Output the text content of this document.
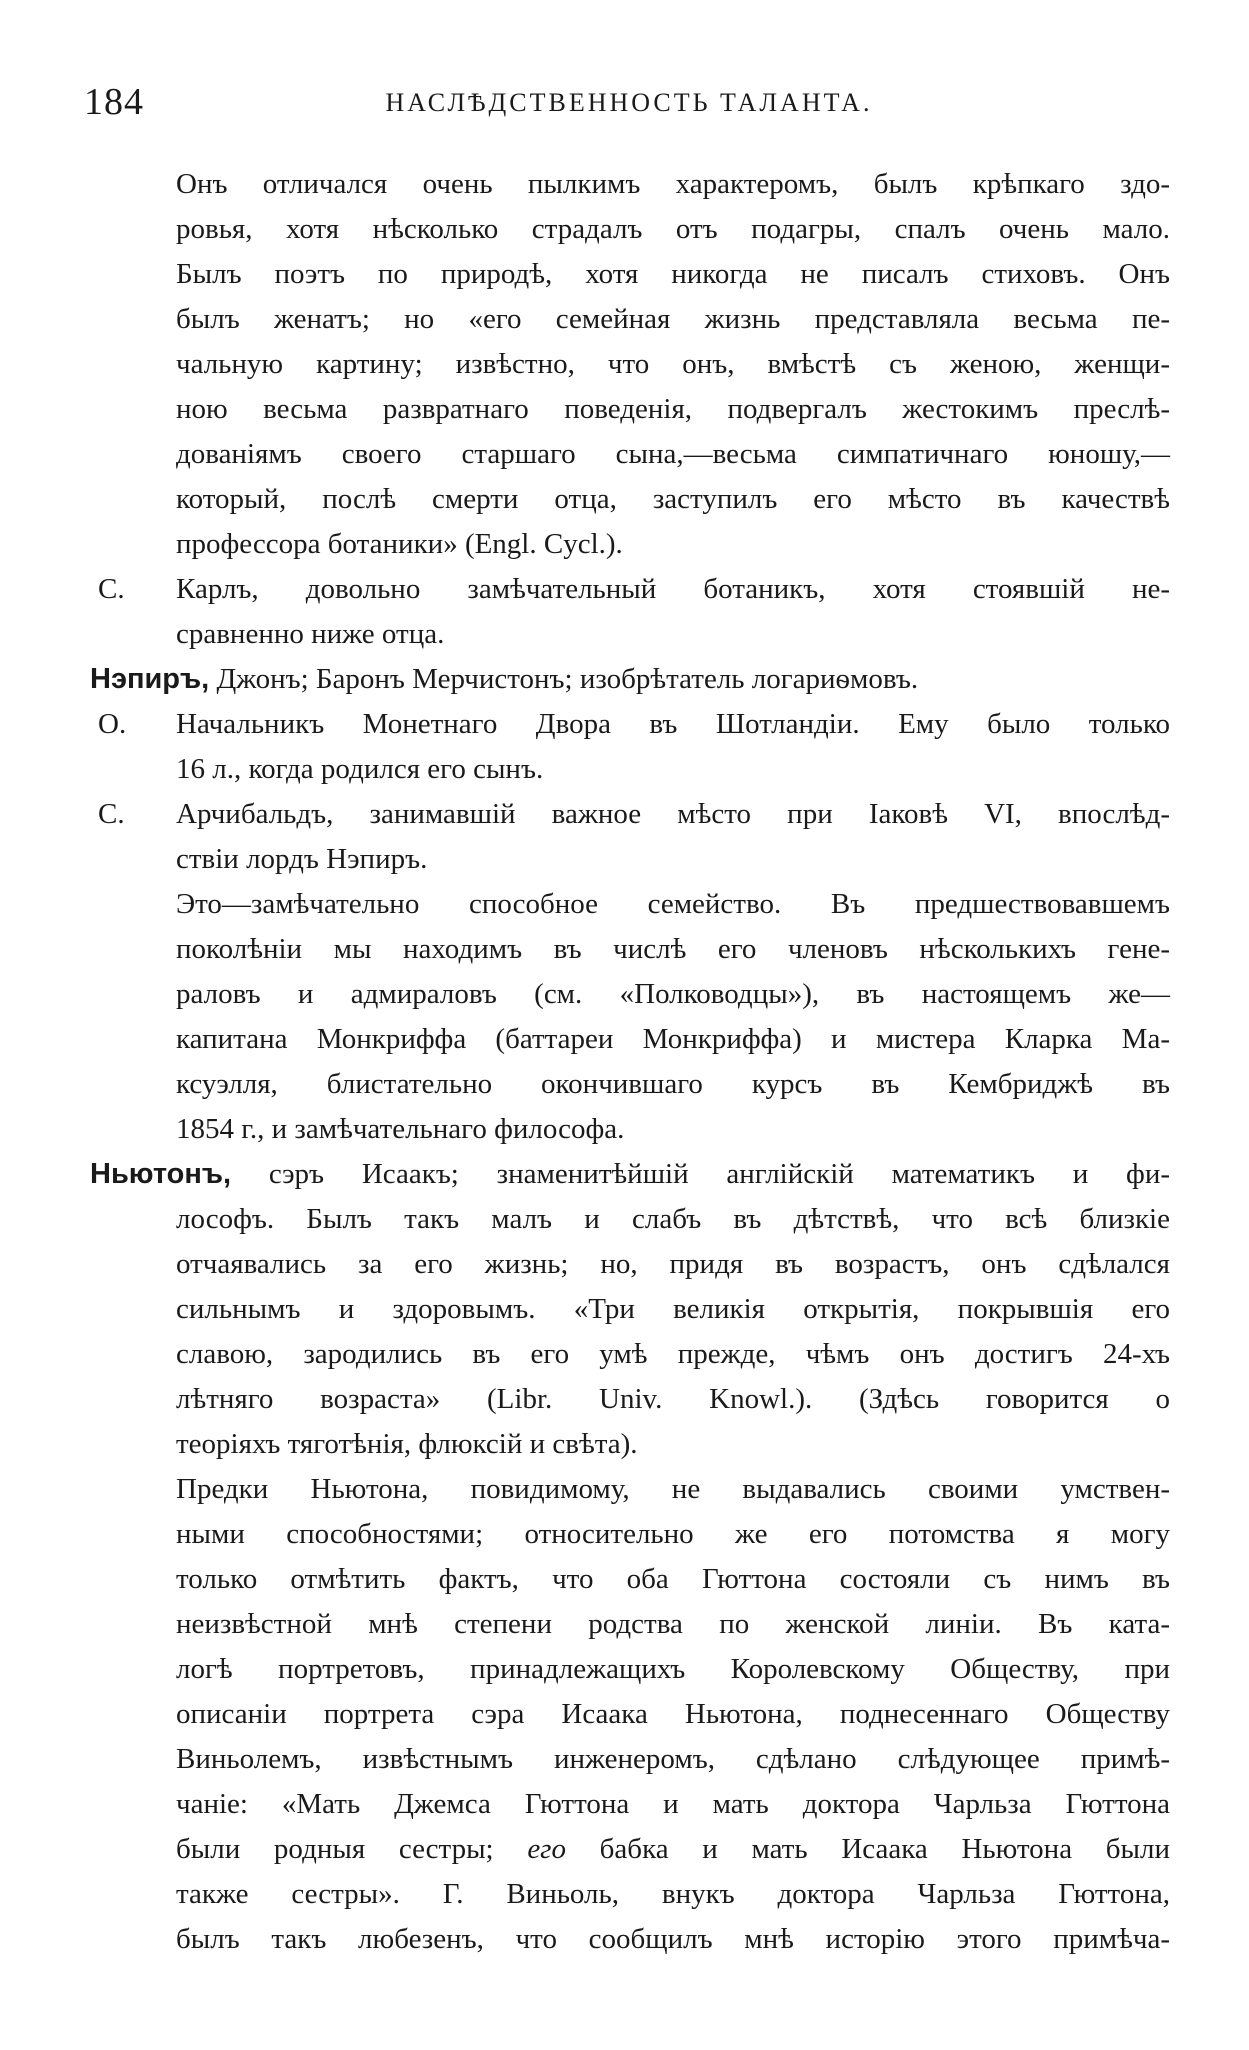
184	НАСЛѢДСТВЕННОСТЬ ТАЛАНТА.
Онъ отличался очень пылкимъ характеромъ, былъ крѣпкаго здо-
ровья, хотя нѣсколько страдалъ отъ подагры, спалъ очень мало.
Былъ поэтъ по природѣ, хотя никогда не писалъ стиховъ. Онъ
былъ женатъ; но «его семейная жизнь представляла весьма пе-
чальную картину; извѣстно, что онъ, вмѣстѣ съ женою, женщи-
ною весьма развратнаго поведенія, подвергалъ жестокимъ преслѣ-
дованіямъ своего старшаго сына,—весьма симпатичнаго юношу,—
который, послѣ смерти отца, заступилъ его мѣсто въ качествѣ
профессора ботаники» (Engl. Cycl.).
С.	Карлъ, довольно замѣчательный ботаникъ, хотя стоявшій не-
сравненно ниже отца.
Нэпиръ, Джонъ; Баронъ Мерчистонъ; изобрѣтатель логариѳмовъ.
О.	Начальникъ Монетнаго Двора въ Шотландіи. Ему было только
16 л., когда родился его сынъ.
С.	Арчибальдъ, занимавшій важное мѣсто при Іаковѣ VI, впослѣд-
ствіи лордъ Нэпиръ.
Это—замѣчательно способное семейство. Въ предшествовавшемъ
поколѣніи мы находимъ въ числѣ его членовъ нѣсколькихъ гене-
раловъ и адмираловъ (см. «Полководцы»), въ настоящемъ же—
капитана Монкриффа (баттареи Монкриффа) и мистера Кларка Ма-
ксуэлля, блистательно окончившаго курсъ въ Кембриджѣ въ
1854 г., и замѣчательнаго философа.
Ньютонъ, сэръ Исаакъ; знаменитѣйшій англійскій математикъ и фи-
лософъ. Былъ такъ малъ и слабъ въ дѣтствѣ, что всѣ близкіе
отчаявались за его жизнь; но, придя въ возрастъ, онъ сдѣлался
сильнымъ и здоровымъ. «Три великія открытія, покрывшія его
славою, зародились въ его умѣ прежде, чѣмъ онъ достигъ 24-хъ
лѣтняго возраста» (Libr. Univ. Knowl.). (Здѣсь говорится о
теоріяхъ тяготѣнія, флюксій и свѣта).
Предки Ньютона, повидимому, не выдавались своими умствен-
ными способностями; относительно же его потомства я могу
только отмѣтить фактъ, что оба Гюттона состояли съ нимъ въ
неизвѣстной мнѣ степени родства по женской линіи. Въ ката-
логѣ портретовъ, принадлежащихъ Королевскому Обществу, при
описаніи портрета сэра Исаака Ньютона, поднесеннаго Обществу
Виньолемъ, извѣстнымъ инженеромъ, сдѣлано слѣдующее примѣ-
чаніе: «Мать Джемса Гюттона и мать доктора Чарльза Гюттона
были родныя сестры; его бабка и мать Исаака Ньютона были
также сестры». Г. Виньоль, внукъ доктора Чарльза Гюттона,
былъ такъ любезенъ, что сообщилъ мнѣ исторію этого примѣча-
